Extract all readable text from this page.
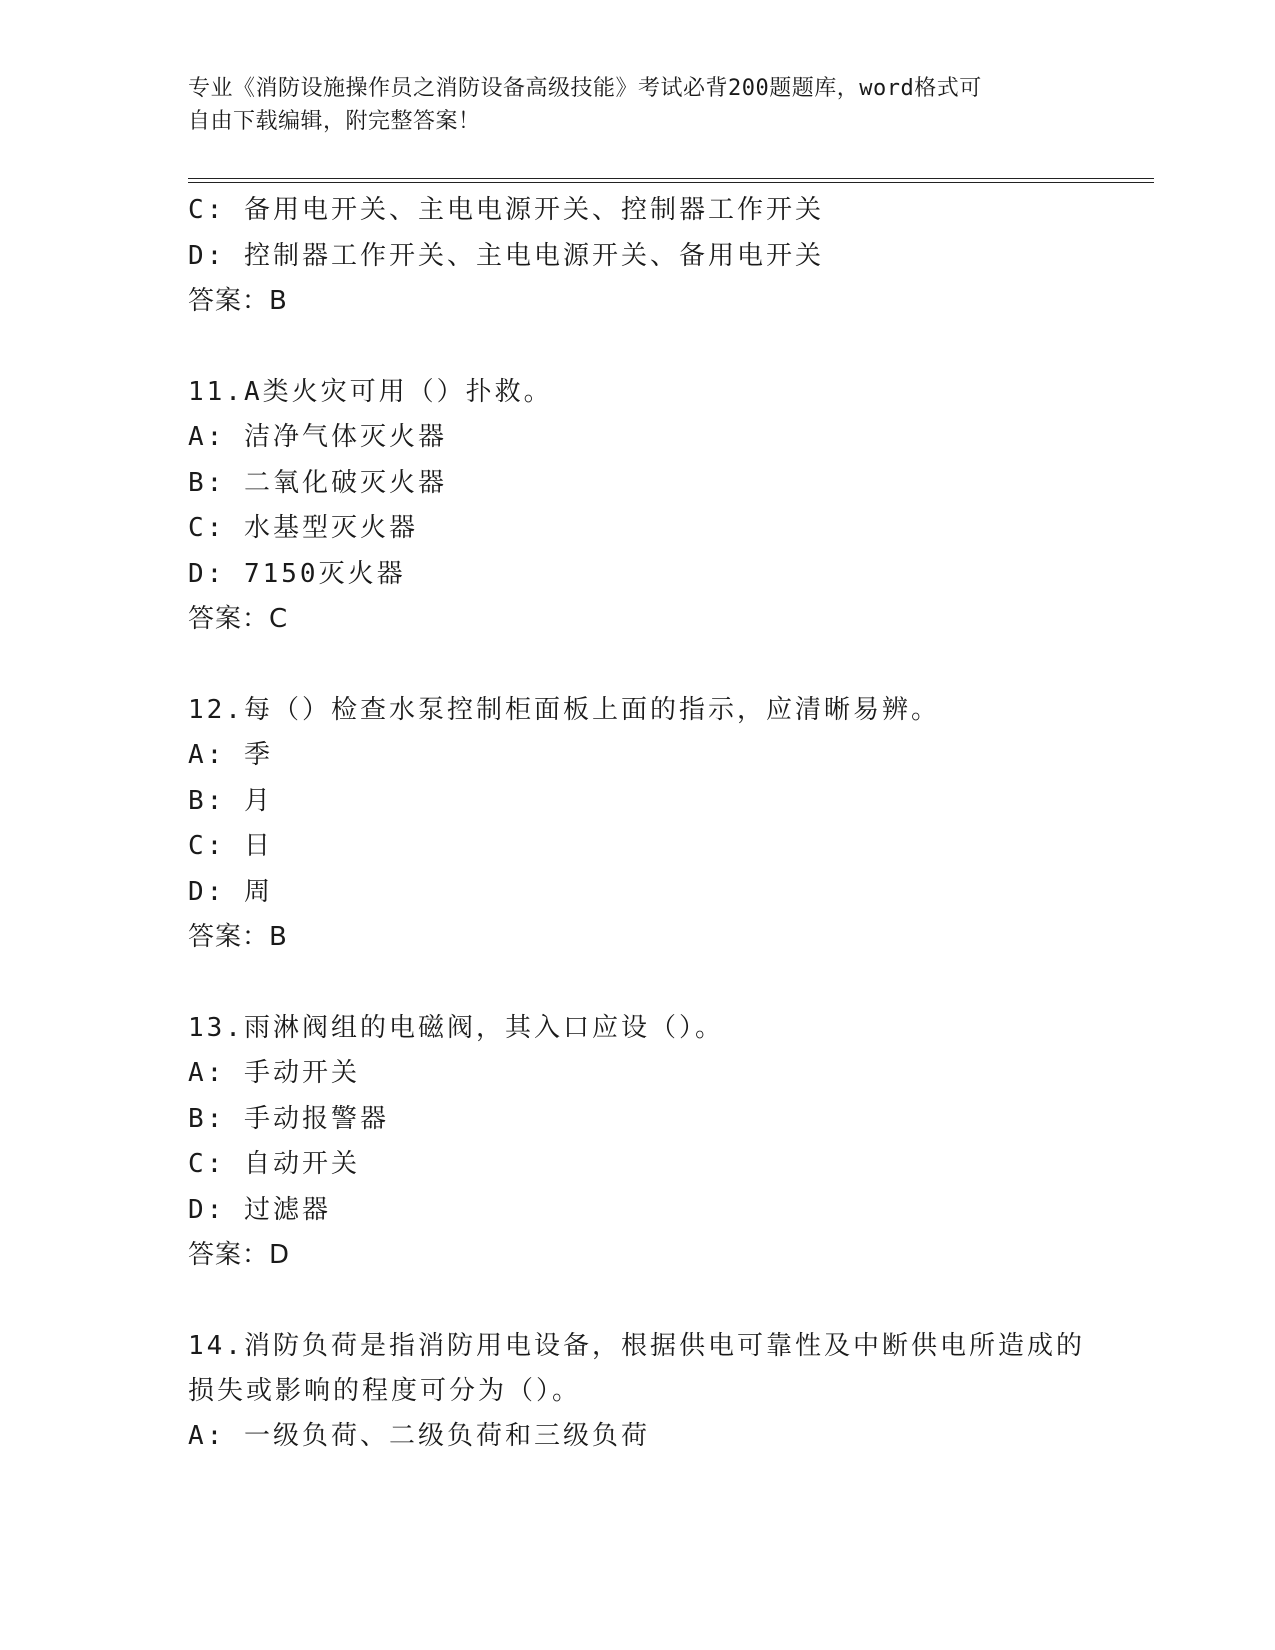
专业《消防设施操作员之消防设备高级技能》考试必背200题题库，word格式可

自由下载编辑，附完整答案！

C: 备用电开关、主电电源开关、控制器工作开关

D: 控制器工作开关、主电电源开关、备用电开关

答案：B

11.A类火灾可用（）扑救。

A: 洁净气体灭火器

B: 二氧化破灭火器

C: 水基型灭火器

D: 7150灭火器

答案：C

12.每（）检查水泵控制柜面板上面的指示，应清晰易辨。

A: 季

B: 月

C: 日

D: 周

答案：B

13.雨淋阀组的电磁阀，其入口应设（）。

A: 手动开关

B: 手动报警器

C: 自动开关

D: 过滤器

答案：D

14.消防负荷是指消防用电设备，根据供电可靠性及中断供电所造成的

损失或影响的程度可分为（）。

A: 一级负荷、二级负荷和三级负荷
